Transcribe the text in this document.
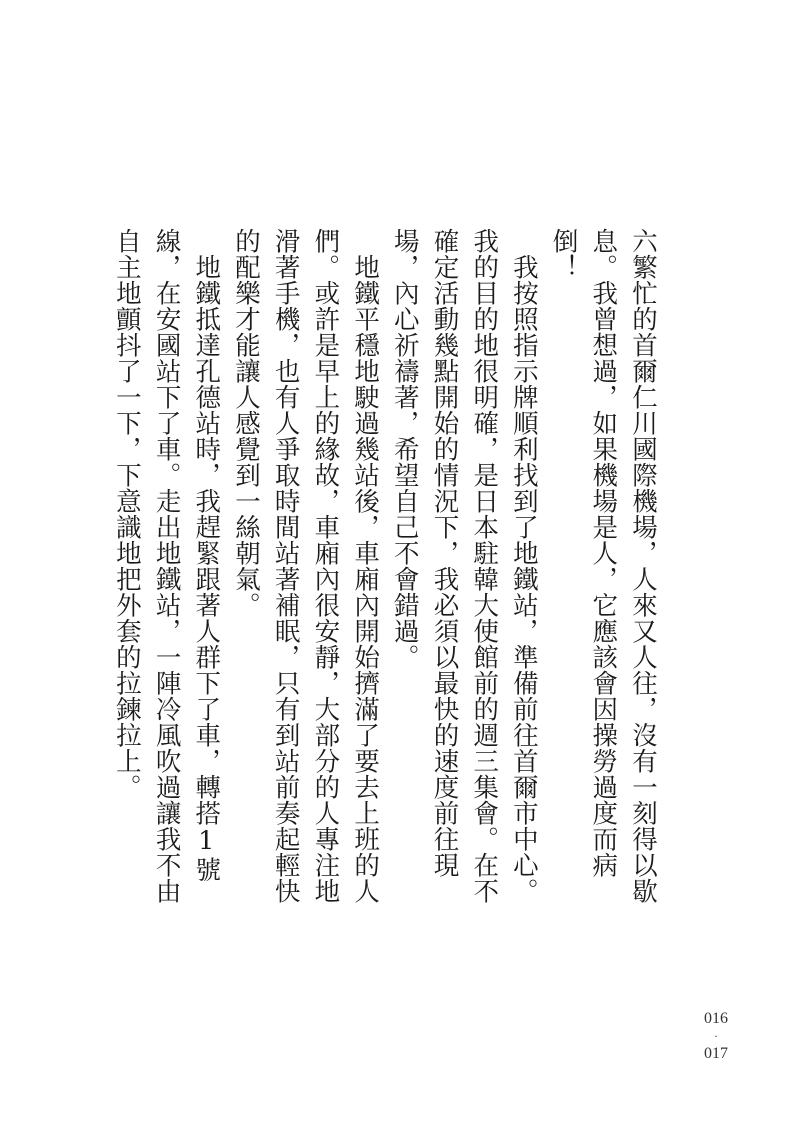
六繁忙的首爾仁川國際機場，人來又人往，沒有一刻得以歇息。我曾想過，如果機場是人，它應該會因操勞過度而病倒！

我按照指示牌順利找到了地鐵站，準備前往首爾市中心。我的目的地很明確，是日本駐韓大使館前的週三集會。在不確定活動幾點開始的情況下，我必須以最快的速度前往現場，內心祈禱著，希望自己不會錯過。

地鐵平穩地駛過幾站後，車廂內開始擠滿了要去上班的人們。或許是早上的緣故，車廂內很安靜，大部分的人專注地滑著手機，也有人爭取時間站著補眠，只有到站前奏起輕快的配樂才能讓人感覺到一絲朝氣。

地鐵抵達孔德站時，我趕緊跟著人群下了車，轉搭1號線，在安國站下了車。走出地鐵站，一陣冷風吹過讓我不由自主地顫抖了一下，下意識地把外套的拉鍊拉上。

016
·
017
